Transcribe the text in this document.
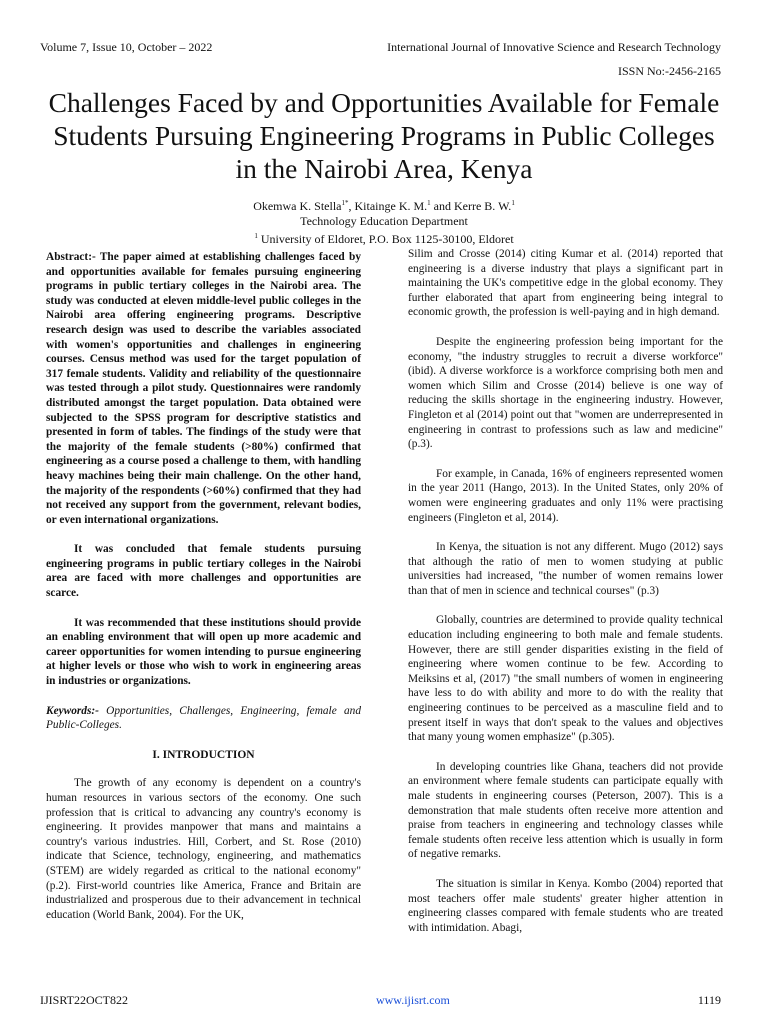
Volume 7, Issue 10, October – 2022	International Journal of Innovative Science and Research Technology
ISSN No:-2456-2165
Challenges Faced by and Opportunities Available for Female Students Pursuing Engineering Programs in Public Colleges in the Nairobi Area, Kenya
Okemwa K. Stella$^{1*}$, Kitainge K. M.$^1$ and Kerre B. W.$^1$
Technology Education Department
$^1$ University of Eldoret, P.O. Box 1125-30100, Eldoret

Abstract:- The paper aimed at establishing challenges faced by and opportunities available for females pursuing engineering programs in public tertiary colleges in the Nairobi area. The study was conducted at eleven middle-level public colleges in the Nairobi area offering engineering programs. Descriptive research design was used to describe the variables associated with women's opportunities and challenges in engineering courses. Census method was used for the target population of 317 female students. Validity and reliability of the questionnaire was tested through a pilot study. Questionnaires were randomly distributed amongst the target population. Data obtained were subjected to the SPSS program for descriptive statistics and presented in form of tables. The findings of the study were that the majority of the female students (>80%) confirmed that engineering as a course posed a challenge to them, with handling heavy machines being their main challenge. On the other hand, the majority of the respondents (>60%) confirmed that they had not received any support from the government, relevant bodies, or even international organizations.

It was concluded that female students pursuing engineering programs in public tertiary colleges in the Nairobi area are faced with more challenges and opportunities are scarce.

It was recommended that these institutions should provide an enabling environment that will open up more academic and career opportunities for women intending to pursue engineering at higher levels or those who wish to work in engineering areas in industries or organizations.

Keywords:- Opportunities, Challenges, Engineering, female and Public-Colleges.

I. INTRODUCTION

The growth of any economy is dependent on a country's human resources in various sectors of the economy. One such profession that is critical to advancing any country's economy is engineering. It provides manpower that mans and maintains a country's various industries. Hill, Corbert, and St. Rose (2010) indicate that Science, technology, engineering, and mathematics (STEM) are widely regarded as critical to the national economy" (p.2). First-world countries like America, France and Britain are industrialized and prosperous due to their advancement in technical education (World Bank, 2004). For the UK,

Silim and Crosse (2014) citing Kumar et al. (2014) reported that engineering is a diverse industry that plays a significant part in maintaining the UK's competitive edge in the global economy. They further elaborated that apart from engineering being integral to economic growth, the profession is well-paying and in high demand.

Despite the engineering profession being important for the economy, "the industry struggles to recruit a diverse workforce" (ibid). A diverse workforce is a workforce comprising both men and women which Silim and Crosse (2014) believe is one way of reducing the skills shortage in the engineering industry. However, Fingleton et al (2014) point out that "women are underrepresented in engineering in contrast to professions such as law and medicine" (p.3).

For example, in Canada, 16% of engineers represented women in the year 2011 (Hango, 2013). In the United States, only 20% of women were engineering graduates and only 11% were practising engineers (Fingleton et al, 2014).

In Kenya, the situation is not any different. Mugo (2012) says that although the ratio of men to women studying at public universities had increased, "the number of women remains lower than that of men in science and technical courses" (p.3)

Globally, countries are determined to provide quality technical education including engineering to both male and female students. However, there are still gender disparities existing in the field of engineering where women continue to be few. According to Meiksins et al, (2017) "the small numbers of women in engineering have less to do with ability and more to do with the reality that engineering continues to be perceived as a masculine field and to present itself in ways that don't speak to the values and objectives that many young women emphasize" (p.305).

In developing countries like Ghana, teachers did not provide an environment where female students can participate equally with male students in engineering courses (Peterson, 2007). This is a demonstration that male students often receive more attention and praise from teachers in engineering and technology classes while female students often receive less attention which is usually in form of negative remarks.

The situation is similar in Kenya. Kombo (2004) reported that most teachers offer male students' greater higher attention in engineering classes compared with female students who are treated with intimidation. Abagi,

IJISRT22OCT822	www.ijisrt.com	1119
